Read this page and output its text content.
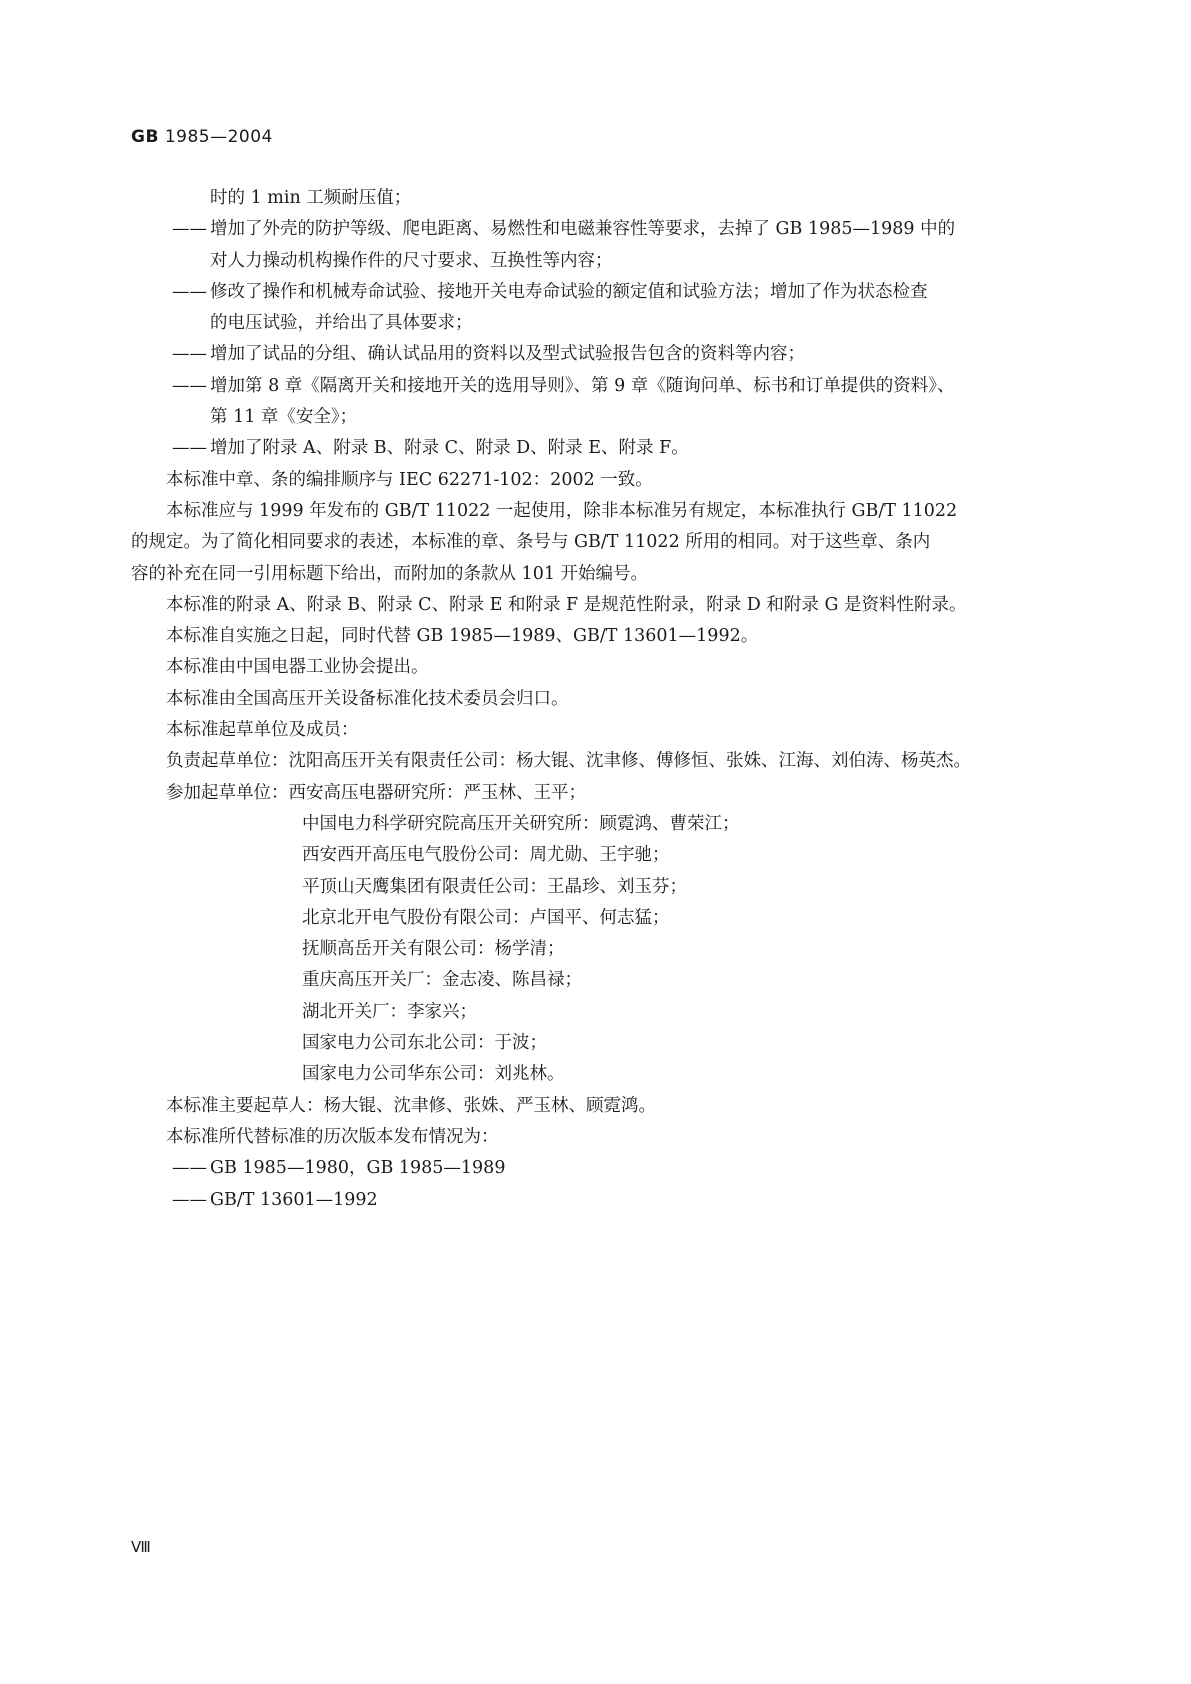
GB 1985—2004
时的 1 min 工频耐压值；
—— 增加了外壳的防护等级、爬电距离、易燃性和电磁兼容性等要求，去掉了 GB 1985—1989 中的
对人力操动机构操作件的尺寸要求、互换性等内容；
—— 修改了操作和机械寿命试验、接地开关电寿命试验的额定值和试验方法；增加了作为状态检查
的电压试验，并给出了具体要求；
—— 增加了试品的分组、确认试品用的资料以及型式试验报告包含的资料等内容；
—— 增加第 8 章《隔离开关和接地开关的选用导则》、第 9 章《随询问单、标书和订单提供的资料》、
第 11 章《安全》；
—— 增加了附录 A、附录 B、附录 C、附录 D、附录 E、附录 F。
本标准中章、条的编排顺序与 IEC 62271-102：2002 一致。
本标准应与 1999 年发布的 GB/T 11022 一起使用，除非本标准另有规定，本标准执行 GB/T 11022
的规定。为了简化相同要求的表述，本标准的章、条号与 GB/T 11022 所用的相同。对于这些章、条内
容的补充在同一引用标题下给出，而附加的条款从 101 开始编号。
本标准的附录 A、附录 B、附录 C、附录 E 和附录 F 是规范性附录，附录 D 和附录 G 是资料性附录。
本标准自实施之日起，同时代替 GB 1985—1989、GB/T 13601—1992。
本标准由中国电器工业协会提出。
本标准由全国高压开关设备标准化技术委员会归口。
本标准起草单位及成员：
负责起草单位：沈阳高压开关有限责任公司：杨大锟、沈聿修、傅修恒、张姝、江海、刘伯涛、杨英杰。
参加起草单位：西安高压电器研究所：严玉林、王平；
中国电力科学研究院高压开关研究所：顾霓鸿、曹荣江；
西安西开高压电气股份公司：周尤勋、王宇驰；
平顶山天鹰集团有限责任公司：王晶珍、刘玉芬；
北京北开电气股份有限公司：卢国平、何志猛；
抚顺高岳开关有限公司：杨学清；
重庆高压开关厂：金志凌、陈昌禄；
湖北开关厂：李家兴；
国家电力公司东北公司：于波；
国家电力公司华东公司：刘兆林。
本标准主要起草人：杨大锟、沈聿修、张姝、严玉林、顾霓鸿。
本标准所代替标准的历次版本发布情况为：
—— GB 1985—1980，GB 1985—1989
—— GB/T 13601—1992
Ⅷ
